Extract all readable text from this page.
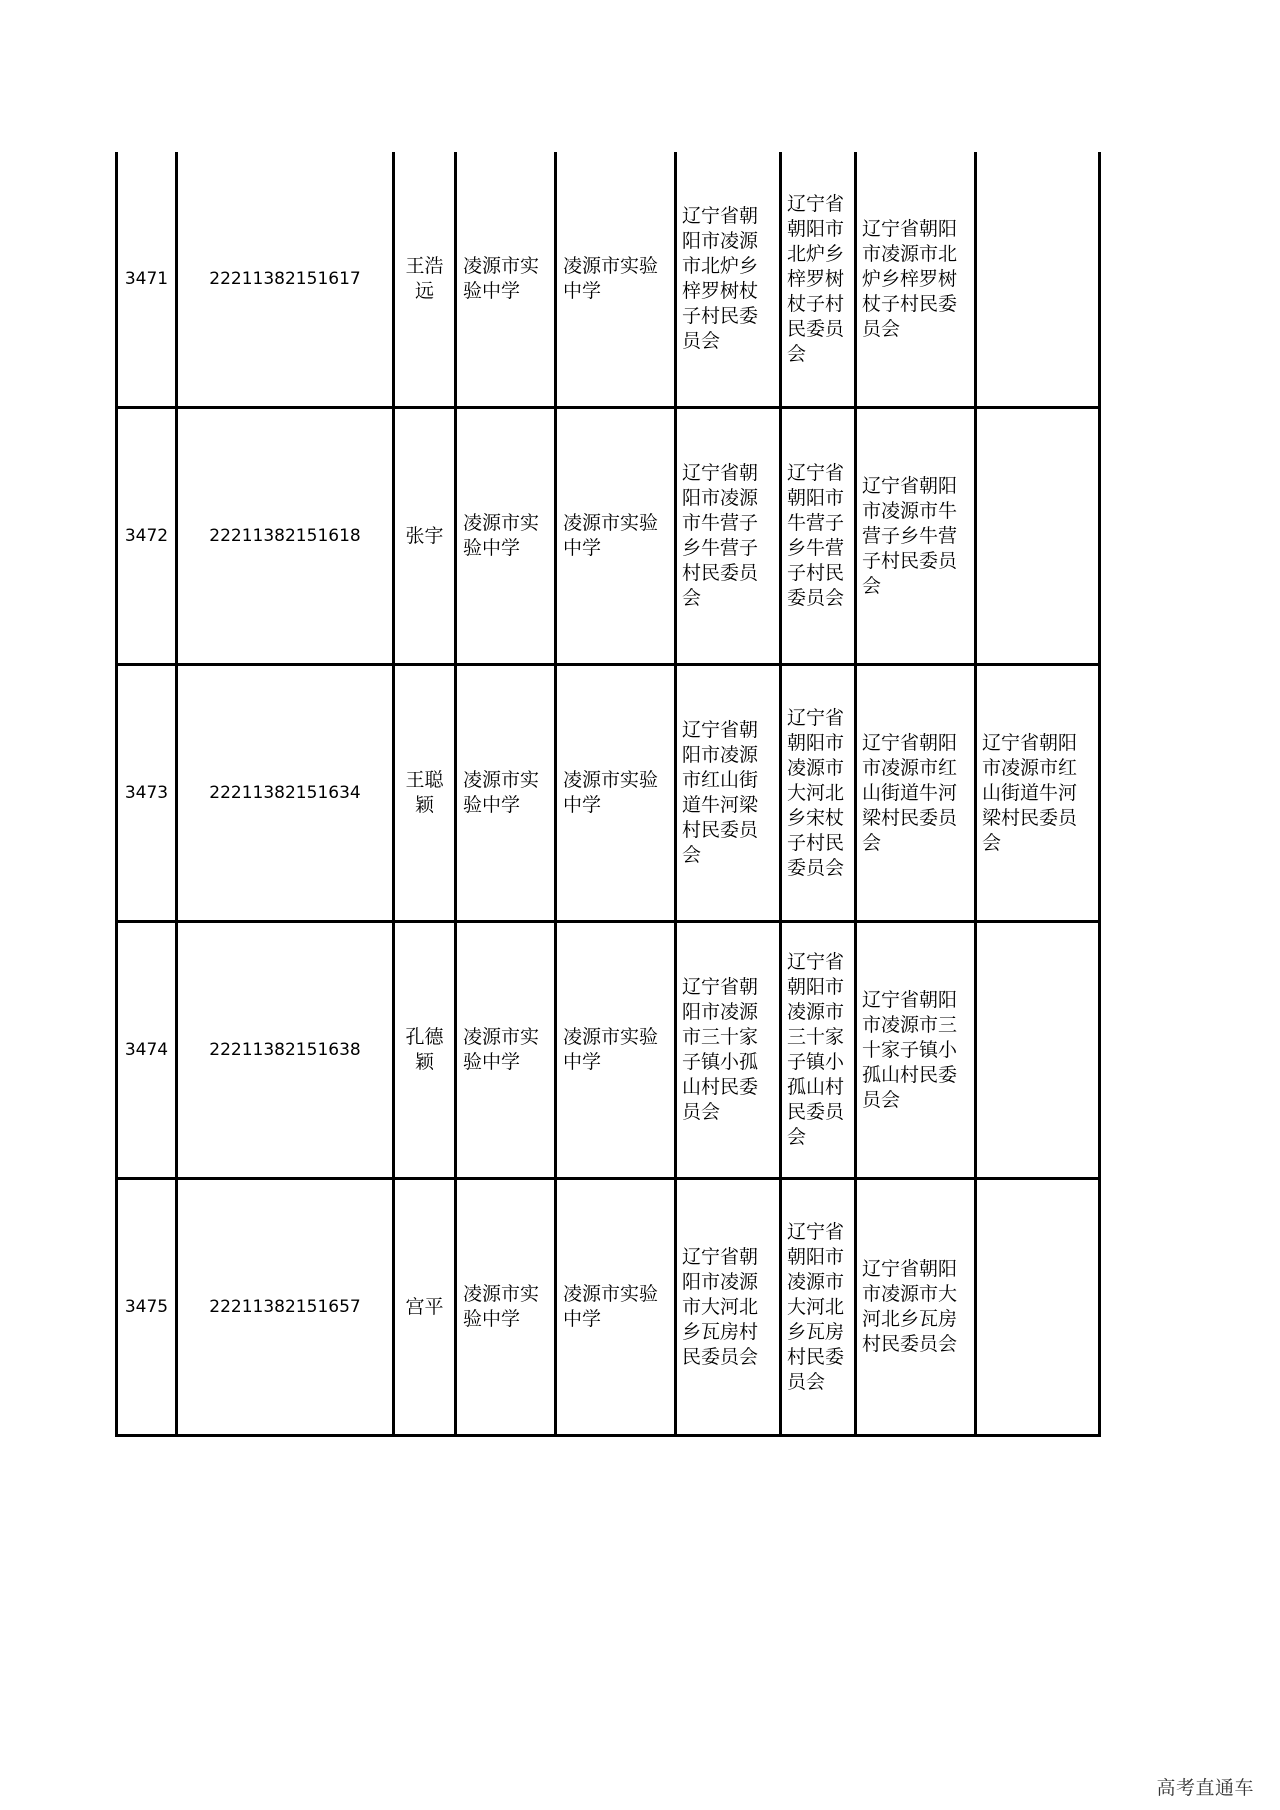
3471	22211382151617	王浩远	凌源市实验中学	凌源市实验中学	辽宁省朝阳市凌源市北炉乡梓罗树杖子村民委员会	辽宁省朝阳市北炉乡梓罗树杖子村民委员会	辽宁省朝阳市凌源市北炉乡梓罗树杖子村民委员会	
3472	22211382151618	张宇	凌源市实验中学	凌源市实验中学	辽宁省朝阳市凌源市牛营子乡牛营子村民委员会	辽宁省朝阳市牛营子乡牛营子村民委员会	辽宁省朝阳市凌源市牛营子乡牛营子村民委员会	
3473	22211382151634	王聪颖	凌源市实验中学	凌源市实验中学	辽宁省朝阳市凌源市红山街道牛河梁村民委员会	辽宁省朝阳市凌源市大河北乡宋杖子村民委员会	辽宁省朝阳市凌源市红山街道牛河梁村民委员会	辽宁省朝阳市凌源市红山街道牛河梁村民委员会
3474	22211382151638	孔德颖	凌源市实验中学	凌源市实验中学	辽宁省朝阳市凌源市三十家子镇小孤山村民委员会	辽宁省朝阳市凌源市三十家子镇小孤山村民委员会	辽宁省朝阳市凌源市三十家子镇小孤山村民委员会	
3475	22211382151657	宫平	凌源市实验中学	凌源市实验中学	辽宁省朝阳市凌源市大河北乡瓦房村民委员会	辽宁省朝阳市凌源市大河北乡瓦房村民委员会	辽宁省朝阳市凌源市大河北乡瓦房村民委员会	
高考直通车
